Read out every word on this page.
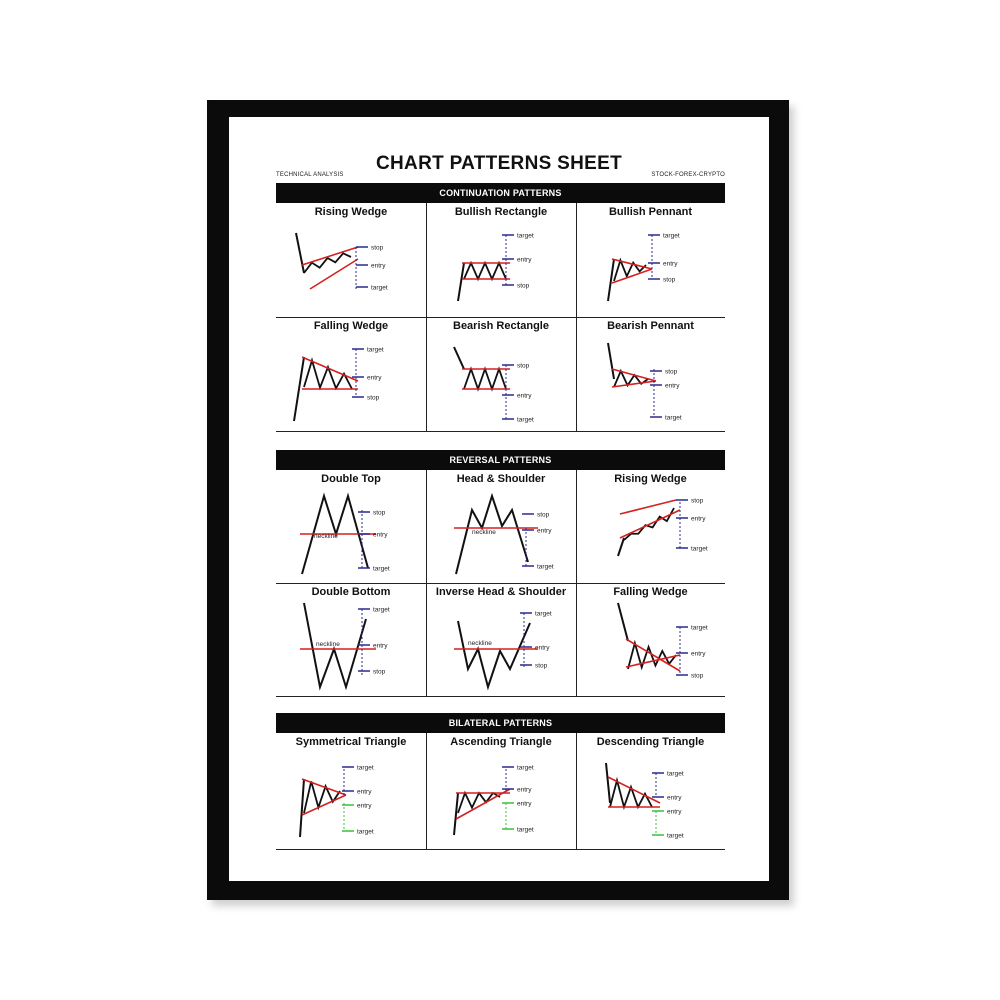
CHART PATTERNS SHEET
TECHNICAL ANALYSIS	STOCK-FOREX-CRYPTO
CONTINUATION PATTERNS
Rising Wedge
stop
entry
target
Bullish Rectangle
target
entry
stop
Bullish Pennant
target
entry
stop
Falling Wedge
target
entry
stop
Bearish Rectangle
stop
entry
target
Bearish Pennant
stop
entry
target
REVERSAL PATTERNS
Double Top
neckline
stop
entry
target
Head & Shoulder
neckline
stop
entry
target
Rising Wedge
stop
entry
target
Double Bottom
neckline
target
entry
stop
Inverse Head & Shoulder
neckline
target
entry
stop
Falling Wedge
target
entry
stop
BILATERAL PATTERNS
Symmetrical Triangle
target
entry
entry
target
Ascending Triangle
target
entry
entry
target
Descending Triangle
target
entry
entry
target
